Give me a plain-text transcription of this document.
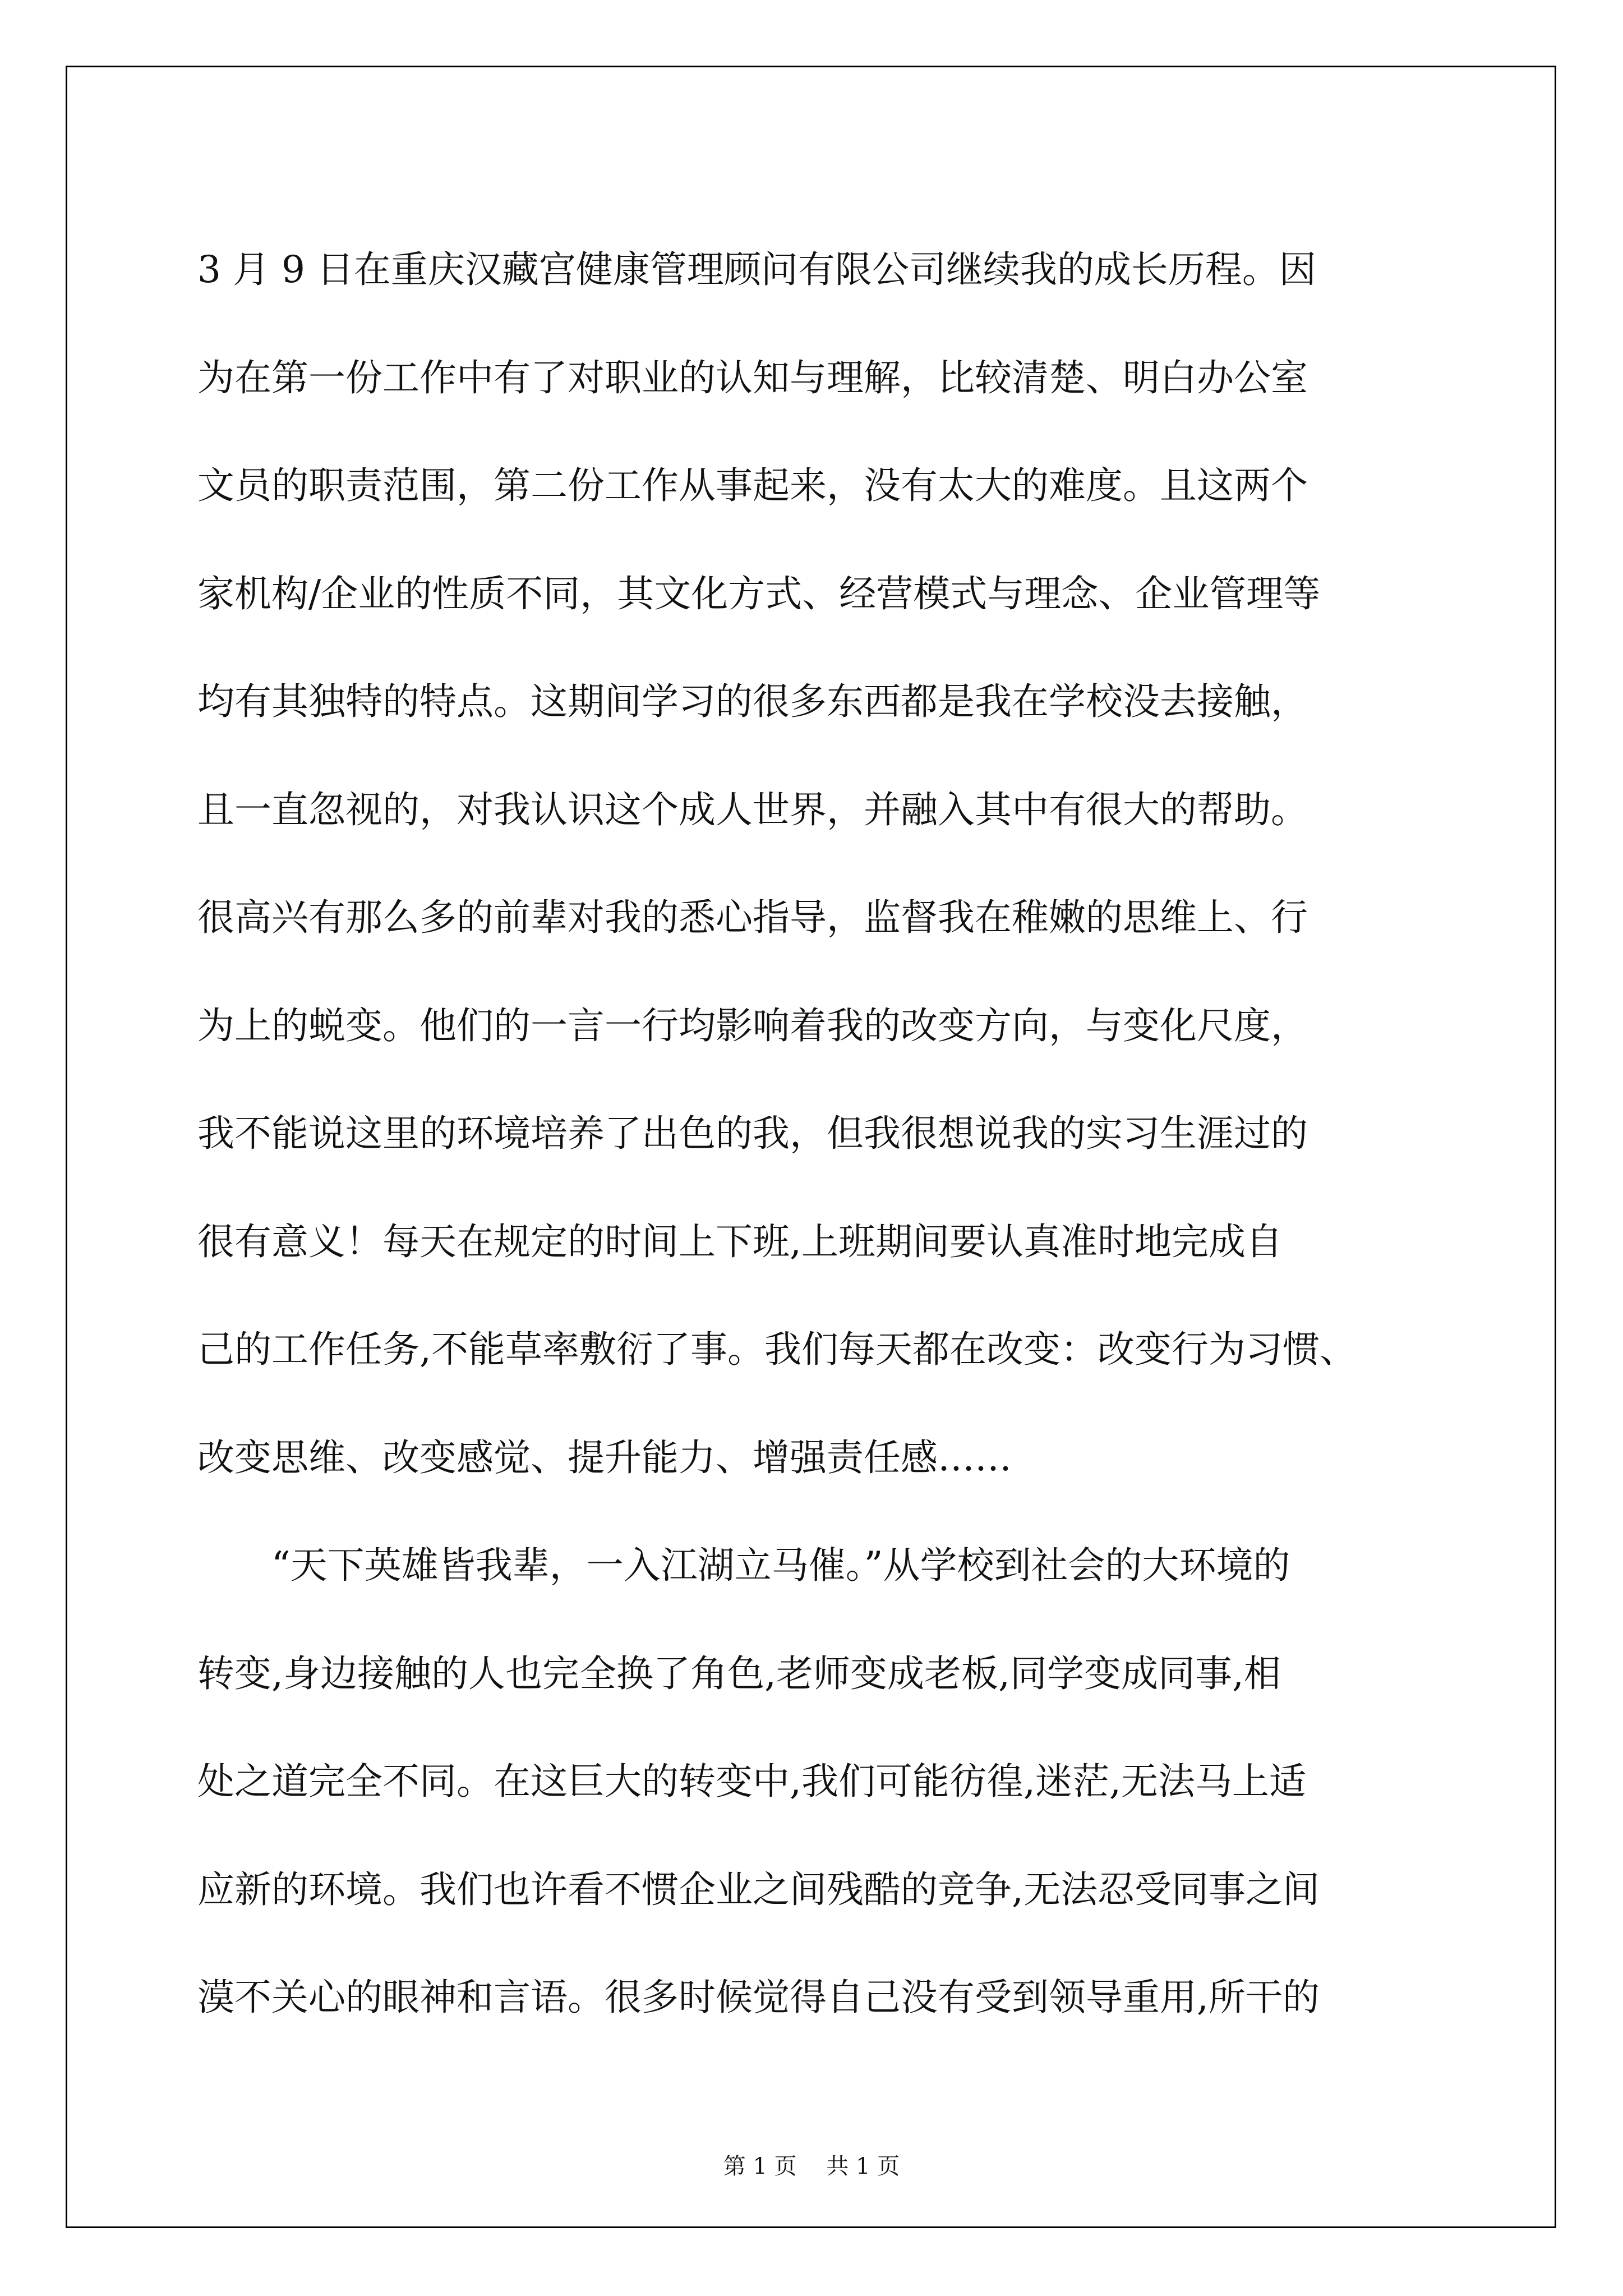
3 月 9 日在重庆汉藏宫健康管理顾问有限公司继续我的成长历程。因
为在第一份工作中有了对职业的认知与理解，比较清楚、明白办公室
文员的职责范围，第二份工作从事起来，没有太大的难度。且这两个
家机构/企业的性质不同，其文化方式、经营模式与理念、企业管理等
均有其独特的特点。这期间学习的很多东西都是我在学校没去接触，
且一直忽视的，对我认识这个成人世界，并融入其中有很大的帮助。
很高兴有那么多的前辈对我的悉心指导，监督我在稚嫩的思维上、行
为上的蜕变。他们的一言一行均影响着我的改变方向，与变化尺度，
我不能说这里的环境培养了出色的我，但我很想说我的实习生涯过的
很有意义！每天在规定的时间上下班,上班期间要认真准时地完成自
己的工作任务,不能草率敷衍了事。我们每天都在改变：改变行为习惯、
改变思维、改变感觉、提升能力、增强责任感……
“天下英雄皆我辈，一入江湖立马催。”从学校到社会的大环境的
转变,身边接触的人也完全换了角色,老师变成老板,同学变成同事,相
处之道完全不同。在这巨大的转变中,我们可能彷徨,迷茫,无法马上适
应新的环境。我们也许看不惯企业之间残酷的竞争,无法忍受同事之间
漠不关心的眼神和言语。很多时候觉得自己没有受到领导重用,所干的
第 1 页 共 1 页
